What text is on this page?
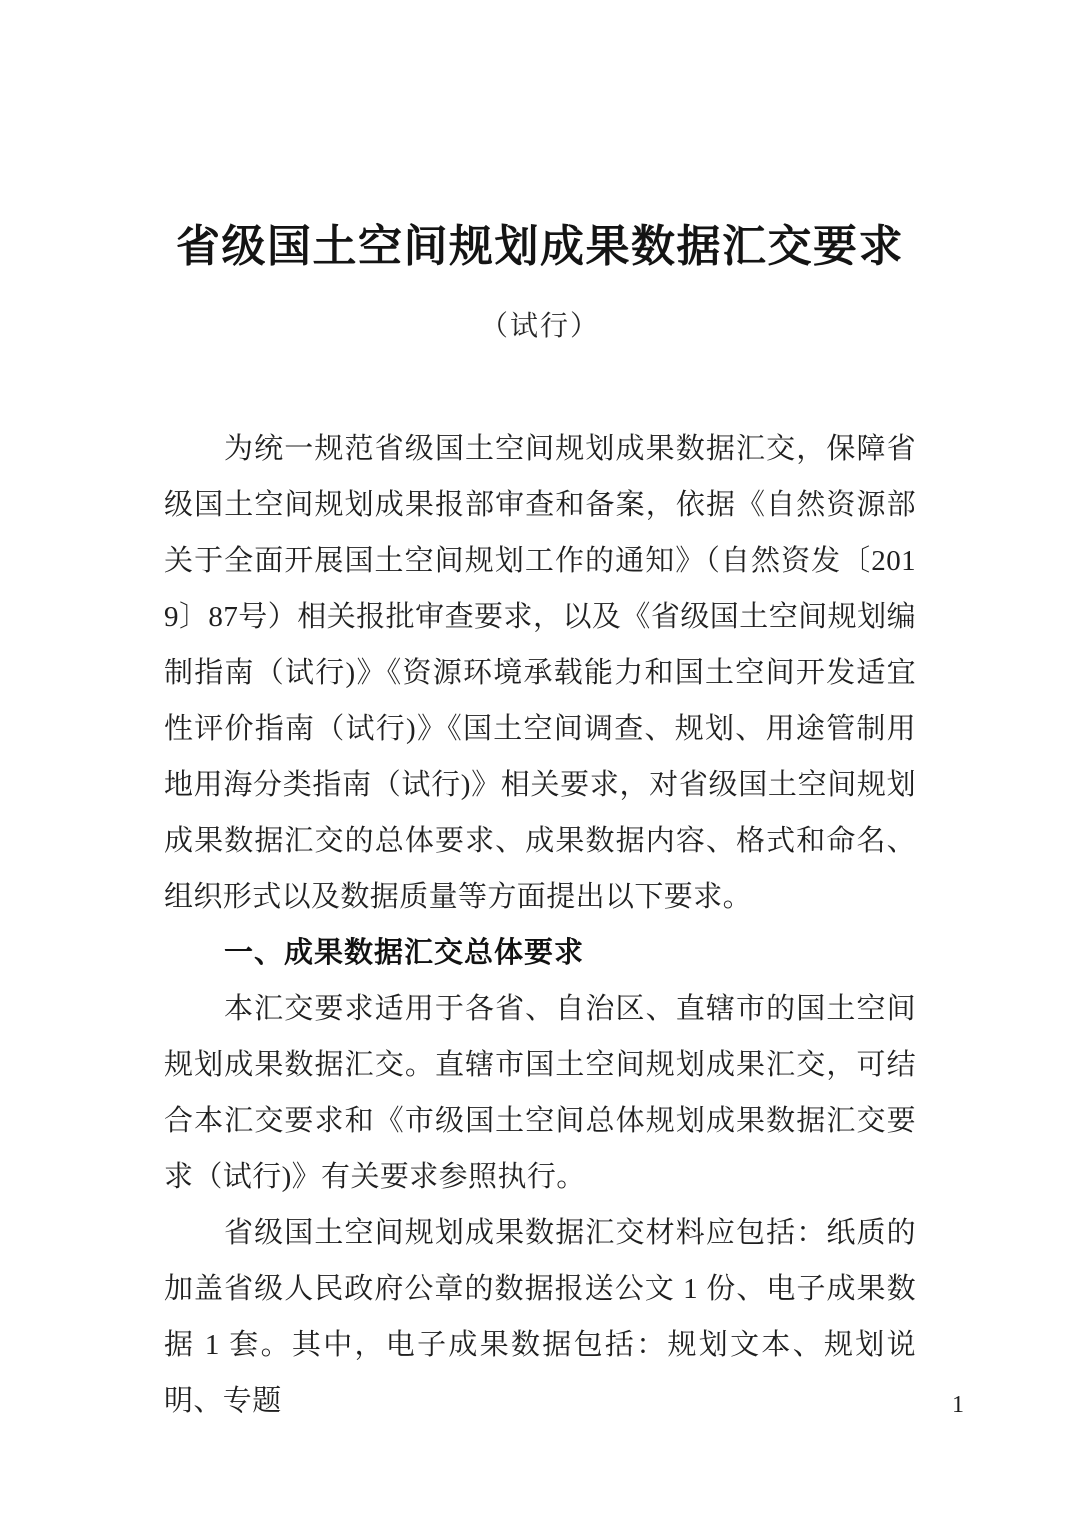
省级国土空间规划成果数据汇交要求
（试行）

为统一规范省级国土空间规划成果数据汇交，保障省级国土空间规划成果报部审查和备案，依据《自然资源部关于全面开展国土空间规划工作的通知》（自然资发〔2019〕87号）相关报批审查要求，以及《省级国土空间规划编制指南（试行)》《资源环境承载能力和国土空间开发适宜性评价指南（试行)》《国土空间调查、规划、用途管制用地用海分类指南（试行)》相关要求，对省级国土空间规划成果数据汇交的总体要求、成果数据内容、格式和命名、组织形式以及数据质量等方面提出以下要求。

一、成果数据汇交总体要求

本汇交要求适用于各省、自治区、直辖市的国土空间规划成果数据汇交。直辖市国土空间规划成果汇交，可结合本汇交要求和《市级国土空间总体规划成果数据汇交要求（试行)》有关要求参照执行。

省级国土空间规划成果数据汇交材料应包括：纸质的加盖省级人民政府公章的数据报送公文 1 份、电子成果数据 1 套。其中，电子成果数据包括：规划文本、规划说明、专题	1
